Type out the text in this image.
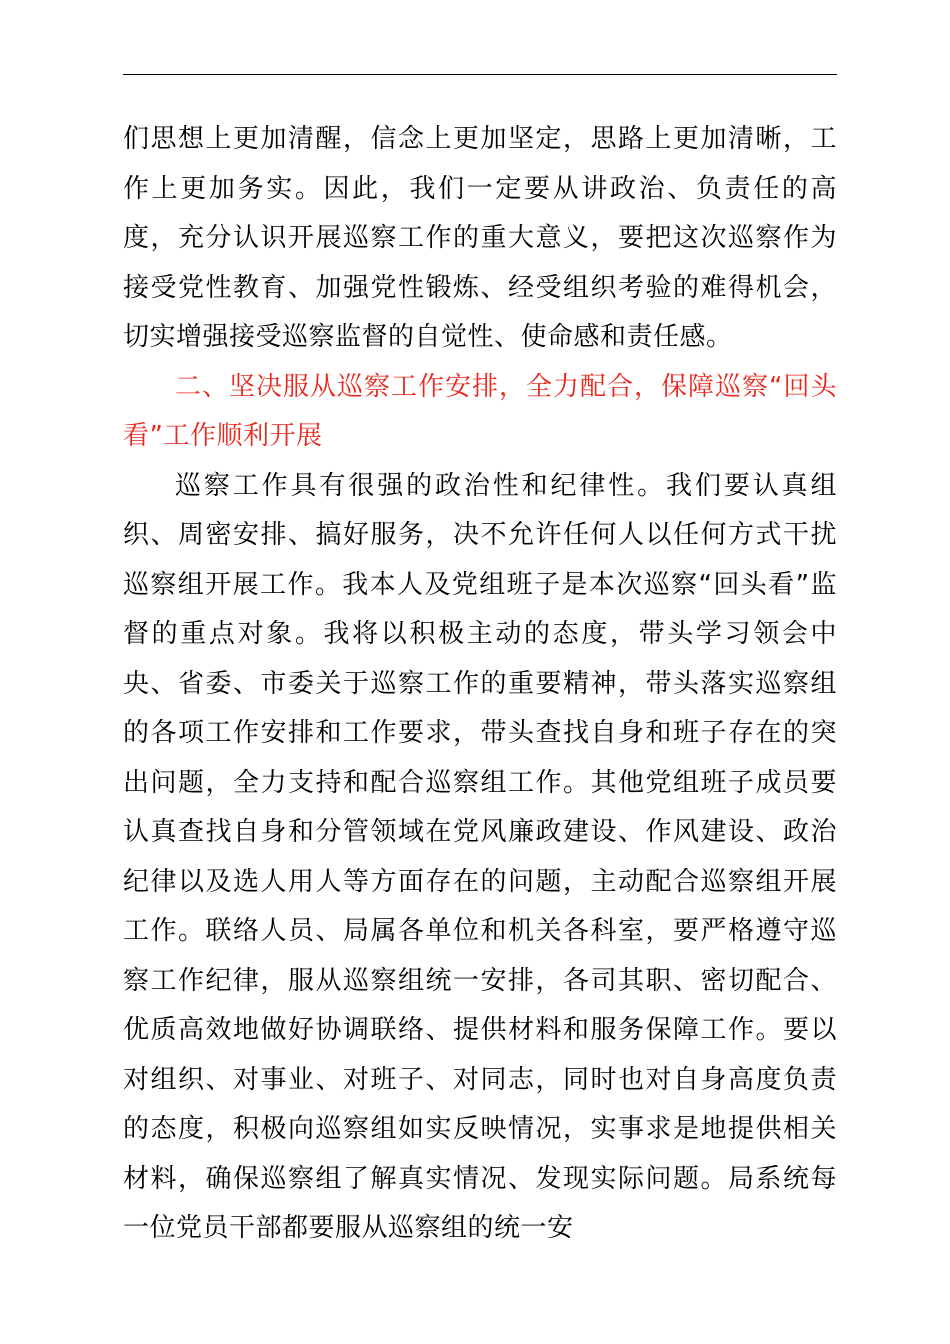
们思想上更加清醒，信念上更加坚定，思路上更加清晰，工作上更加务实。因此，我们一定要从讲政治、负责任的高度，充分认识开展巡察工作的重大意义，要把这次巡察作为接受党性教育、加强党性锻炼、经受组织考验的难得机会，切实增强接受巡察监督的自觉性、使命感和责任感。

二、坚决服从巡察工作安排，全力配合，保障巡察“回头看”工作顺利开展

巡察工作具有很强的政治性和纪律性。我们要认真组织、周密安排、搞好服务，决不允许任何人以任何方式干扰巡察组开展工作。我本人及党组班子是本次巡察“回头看”监督的重点对象。我将以积极主动的态度，带头学习领会中央、省委、市委关于巡察工作的重要精神，带头落实巡察组的各项工作安排和工作要求，带头查找自身和班子存在的突出问题，全力支持和配合巡察组工作。其他党组班子成员要认真查找自身和分管领域在党风廉政建设、作风建设、政治纪律以及选人用人等方面存在的问题，主动配合巡察组开展工作。联络人员、局属各单位和机关各科室，要严格遵守巡察工作纪律，服从巡察组统一安排，各司其职、密切配合、优质高效地做好协调联络、提供材料和服务保障工作。要以对组织、对事业、对班子、对同志，同时也对自身高度负责的态度，积极向巡察组如实反映情况，实事求是地提供相关材料，确保巡察组了解真实情况、发现实际问题。局系统每一位党员干部都要服从巡察组的统一安
